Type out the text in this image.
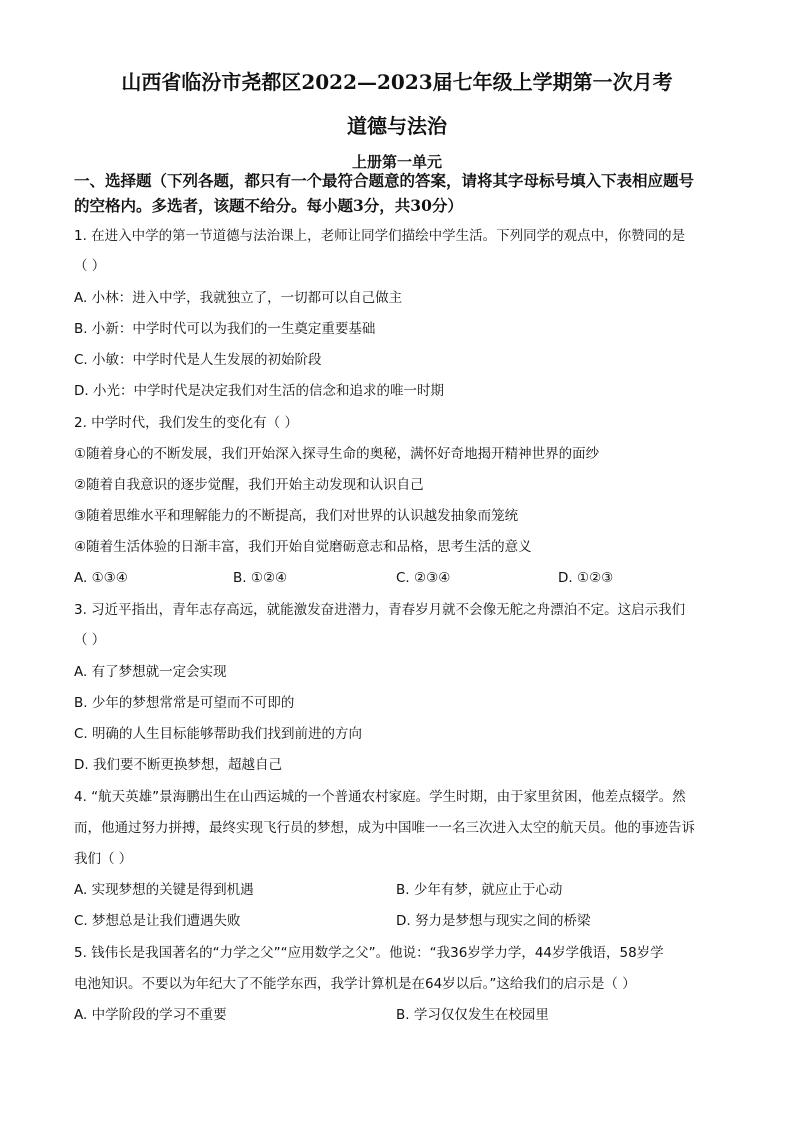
山西省临汾市尧都区2022—2023届七年级上学期第一次月考
道德与法治
上册第一单元
一、选择题（下列各题，都只有一个最符合题意的答案，请将其字母标号填入下表相应题号
的空格内。多选者，该题不给分。每小题3分，共30分）
1. 在进入中学的第一节道德与法治课上，老师让同学们描绘中学生活。下列同学的观点中，你赞同的是
（ ）
A. 小林：进入中学，我就独立了，一切都可以自己做主
B. 小新：中学时代可以为我们的一生奠定重要基础
C. 小敏：中学时代是人生发展的初始阶段
D. 小光：中学时代是决定我们对生活的信念和追求的唯一时期
2. 中学时代，我们发生的变化有（ ）
①随着身心的不断发展，我们开始深入探寻生命的奥秘，满怀好奇地揭开精神世界的面纱
②随着自我意识的逐步觉醒，我们开始主动发现和认识自己
③随着思维水平和理解能力的不断提高，我们对世界的认识越发抽象而笼统
④随着生活体验的日渐丰富，我们开始自觉磨砺意志和品格，思考生活的意义
A. ①③④	B. ①②④	C. ②③④	D. ①②③
3. 习近平指出，青年志存高远，就能激发奋进潜力，青春岁月就不会像无舵之舟漂泊不定。这启示我们
（ ）
A. 有了梦想就一定会实现
B. 少年的梦想常常是可望而不可即的
C. 明确的人生目标能够帮助我们找到前进的方向
D. 我们要不断更换梦想，超越自己
4. “航天英雄”景海鹏出生在山西运城的一个普通农村家庭。学生时期，由于家里贫困，他差点辍学。然
而，他通过努力拼搏，最终实现飞行员的梦想，成为中国唯一一名三次进入太空的航天员。他的事迹告诉
我们（ ）
A. 实现梦想的关键是得到机遇	B. 少年有梦，就应止于心动
C. 梦想总是让我们遭遇失败	D. 努力是梦想与现实之间的桥梁
5. 钱伟长是我国著名的“力学之父”“应用数学之父”。他说：“我36岁学力学，44岁学俄语，58岁学
电池知识。不要以为年纪大了不能学东西，我学计算机是在64岁以后。”这给我们的启示是（ ）
A. 中学阶段的学习不重要	B. 学习仅仅发生在校园里
